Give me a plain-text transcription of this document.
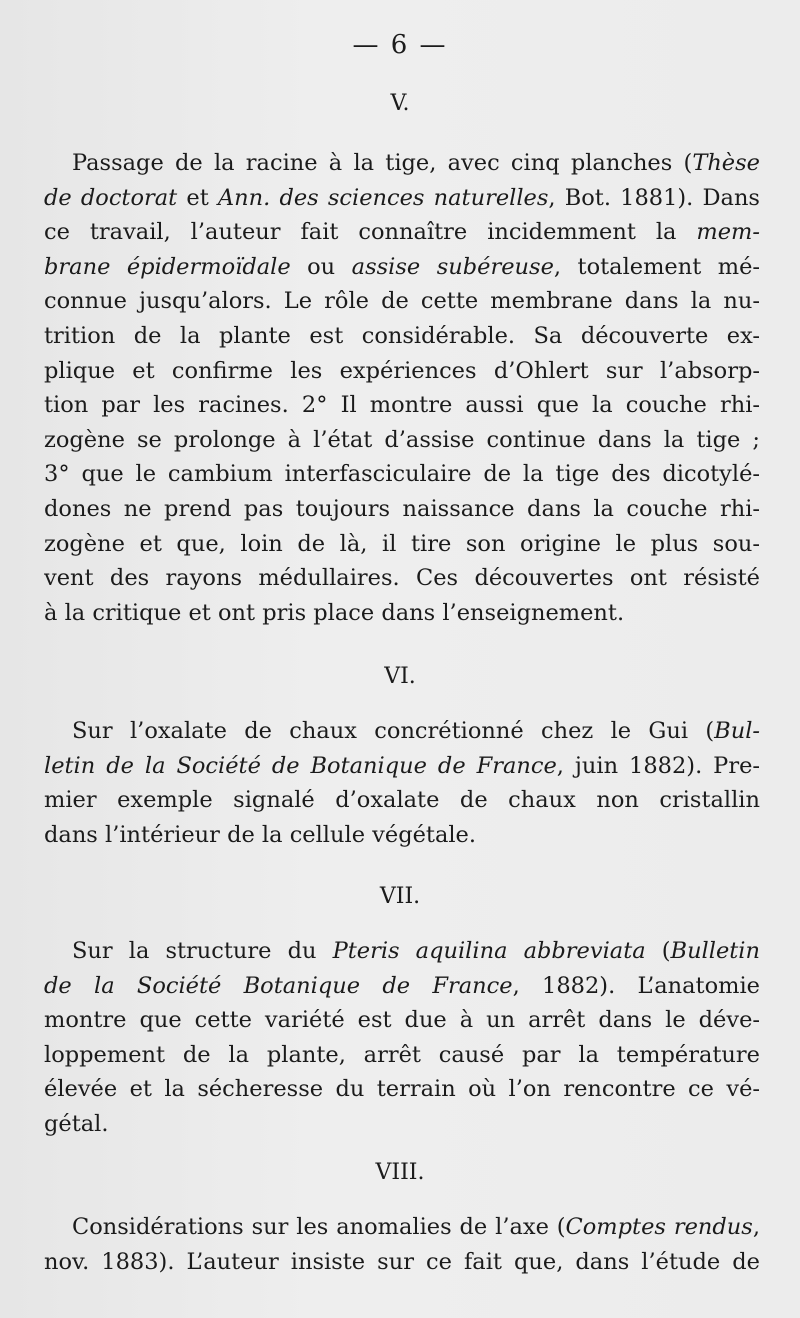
— 6 —
V.
Passage de la racine à la tige, avec cinq planches (Thèse
de doctorat et Ann. des sciences naturelles, Bot. 1881). Dans
ce travail, l’auteur fait connaître incidemment la mem-
brane épidermoïdale ou assise subéreuse, totalement mé-
connue jusqu’alors. Le rôle de cette membrane dans la nu-
trition de la plante est considérable. Sa découverte ex-
plique et confirme les expériences d’Ohlert sur l’absorp-
tion par les racines. 2° Il montre aussi que la couche rhi-
zogène se prolonge à l’état d’assise continue dans la tige ;
3° que le cambium interfasciculaire de la tige des dicotylé-
dones ne prend pas toujours naissance dans la couche rhi-
zogène et que, loin de là, il tire son origine le plus sou-
vent des rayons médullaires. Ces découvertes ont résisté
à la critique et ont pris place dans l’enseignement.
VI.
Sur l’oxalate de chaux concrétionné chez le Gui (Bul-
letin de la Société de Botanique de France, juin 1882). Pre-
mier exemple signalé d’oxalate de chaux non cristallin
dans l’intérieur de la cellule végétale.
VII.
Sur la structure du Pteris aquilina abbreviata (Bulletin
de la Société Botanique de France, 1882). L’anatomie
montre que cette variété est due à un arrêt dans le déve-
loppement de la plante, arrêt causé par la température
élevée et la sécheresse du terrain où l’on rencontre ce vé-
gétal.
VIII.
Considérations sur les anomalies de l’axe (Comptes rendus,
nov. 1883). L’auteur insiste sur ce fait que, dans l’étude de
